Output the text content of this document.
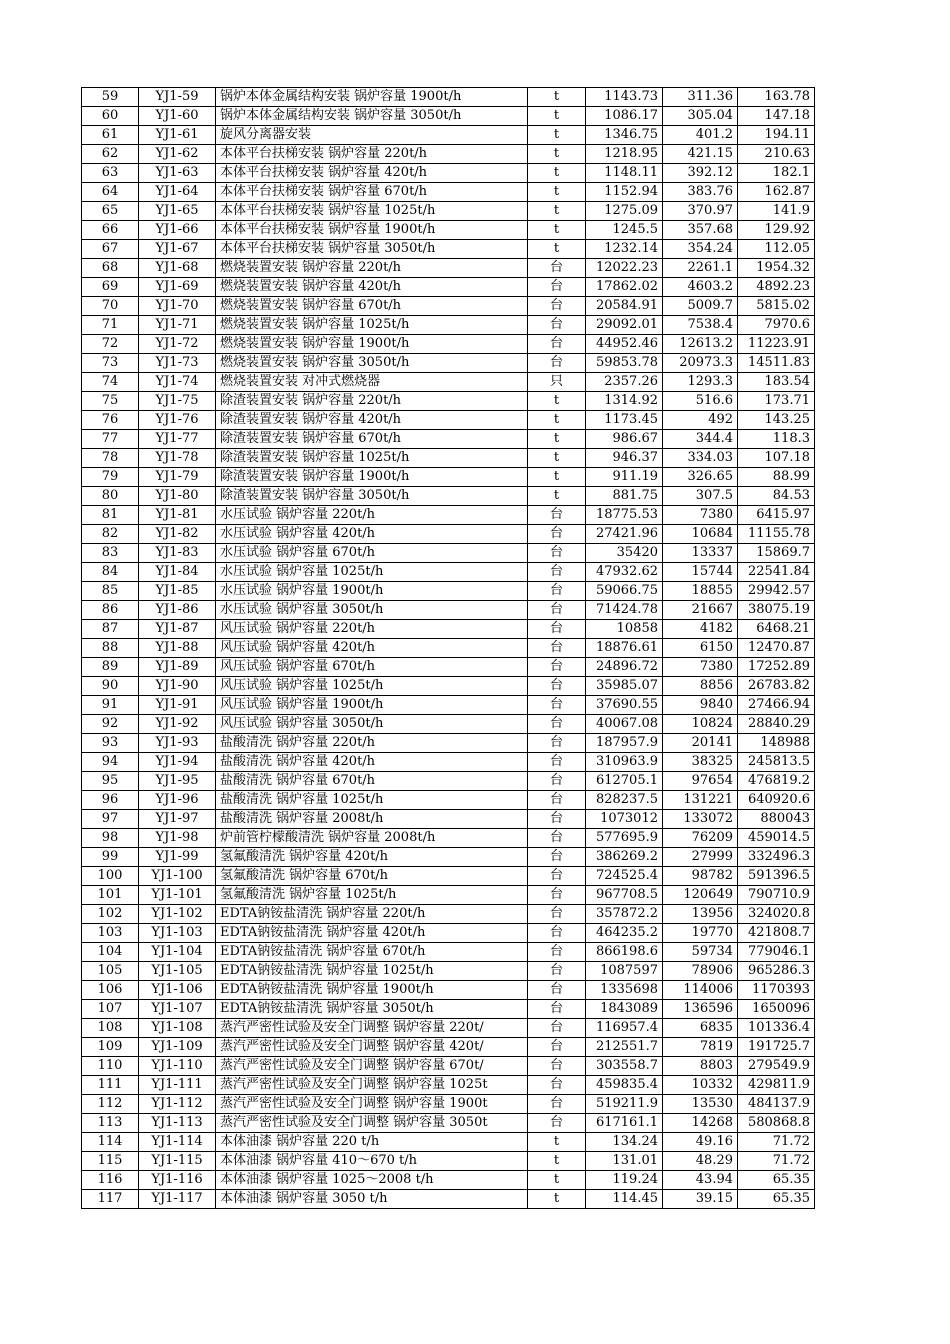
59	YJ1-59	锅炉本体金属结构安装 锅炉容量 1900t/h	t	1143.73	311.36	163.78
60	YJ1-60	锅炉本体金属结构安装 锅炉容量 3050t/h	t	1086.17	305.04	147.18
61	YJ1-61	旋风分离器安装	t	1346.75	401.2	194.11
62	YJ1-62	本体平台扶梯安装 锅炉容量 220t/h	t	1218.95	421.15	210.63
63	YJ1-63	本体平台扶梯安装 锅炉容量 420t/h	t	1148.11	392.12	182.1
64	YJ1-64	本体平台扶梯安装 锅炉容量 670t/h	t	1152.94	383.76	162.87
65	YJ1-65	本体平台扶梯安装 锅炉容量 1025t/h	t	1275.09	370.97	141.9
66	YJ1-66	本体平台扶梯安装 锅炉容量 1900t/h	t	1245.5	357.68	129.92
67	YJ1-67	本体平台扶梯安装 锅炉容量 3050t/h	t	1232.14	354.24	112.05
68	YJ1-68	燃烧装置安装 锅炉容量 220t/h	台	12022.23	2261.1	1954.32
69	YJ1-69	燃烧装置安装 锅炉容量 420t/h	台	17862.02	4603.2	4892.23
70	YJ1-70	燃烧装置安装 锅炉容量 670t/h	台	20584.91	5009.7	5815.02
71	YJ1-71	燃烧装置安装 锅炉容量 1025t/h	台	29092.01	7538.4	7970.6
72	YJ1-72	燃烧装置安装 锅炉容量 1900t/h	台	44952.46	12613.2	11223.91
73	YJ1-73	燃烧装置安装 锅炉容量 3050t/h	台	59853.78	20973.3	14511.83
74	YJ1-74	燃烧装置安装 对冲式燃烧器	只	2357.26	1293.3	183.54
75	YJ1-75	除渣装置安装 锅炉容量 220t/h	t	1314.92	516.6	173.71
76	YJ1-76	除渣装置安装 锅炉容量 420t/h	t	1173.45	492	143.25
77	YJ1-77	除渣装置安装 锅炉容量 670t/h	t	986.67	344.4	118.3
78	YJ1-78	除渣装置安装 锅炉容量 1025t/h	t	946.37	334.03	107.18
79	YJ1-79	除渣装置安装 锅炉容量 1900t/h	t	911.19	326.65	88.99
80	YJ1-80	除渣装置安装 锅炉容量 3050t/h	t	881.75	307.5	84.53
81	YJ1-81	水压试验 锅炉容量 220t/h	台	18775.53	7380	6415.97
82	YJ1-82	水压试验 锅炉容量 420t/h	台	27421.96	10684	11155.78
83	YJ1-83	水压试验 锅炉容量 670t/h	台	35420	13337	15869.7
84	YJ1-84	水压试验 锅炉容量 1025t/h	台	47932.62	15744	22541.84
85	YJ1-85	水压试验 锅炉容量 1900t/h	台	59066.75	18855	29942.57
86	YJ1-86	水压试验 锅炉容量 3050t/h	台	71424.78	21667	38075.19
87	YJ1-87	风压试验 锅炉容量 220t/h	台	10858	4182	6468.21
88	YJ1-88	风压试验 锅炉容量 420t/h	台	18876.61	6150	12470.87
89	YJ1-89	风压试验 锅炉容量 670t/h	台	24896.72	7380	17252.89
90	YJ1-90	风压试验 锅炉容量 1025t/h	台	35985.07	8856	26783.82
91	YJ1-91	风压试验 锅炉容量 1900t/h	台	37690.55	9840	27466.94
92	YJ1-92	风压试验 锅炉容量 3050t/h	台	40067.08	10824	28840.29
93	YJ1-93	盐酸清洗 锅炉容量 220t/h	台	187957.9	20141	148988
94	YJ1-94	盐酸清洗 锅炉容量 420t/h	台	310963.9	38325	245813.5
95	YJ1-95	盐酸清洗 锅炉容量 670t/h	台	612705.1	97654	476819.2
96	YJ1-96	盐酸清洗 锅炉容量 1025t/h	台	828237.5	131221	640920.6
97	YJ1-97	盐酸清洗 锅炉容量 2008t/h	台	1073012	133072	880043
98	YJ1-98	炉前管柠檬酸清洗 锅炉容量 2008t/h	台	577695.9	76209	459014.5
99	YJ1-99	氢氟酸清洗 锅炉容量 420t/h	台	386269.2	27999	332496.3
100	YJ1-100	氢氟酸清洗 锅炉容量 670t/h	台	724525.4	98782	591396.5
101	YJ1-101	氢氟酸清洗 锅炉容量 1025t/h	台	967708.5	120649	790710.9
102	YJ1-102	EDTA钠铵盐清洗 锅炉容量 220t/h	台	357872.2	13956	324020.8
103	YJ1-103	EDTA钠铵盐清洗 锅炉容量 420t/h	台	464235.2	19770	421808.7
104	YJ1-104	EDTA钠铵盐清洗 锅炉容量 670t/h	台	866198.6	59734	779046.1
105	YJ1-105	EDTA钠铵盐清洗 锅炉容量 1025t/h	台	1087597	78906	965286.3
106	YJ1-106	EDTA钠铵盐清洗 锅炉容量 1900t/h	台	1335698	114006	1170393
107	YJ1-107	EDTA钠铵盐清洗 锅炉容量 3050t/h	台	1843089	136596	1650096
108	YJ1-108	蒸汽严密性试验及安全门调整 锅炉容量 220t/	台	116957.4	6835	101336.4
109	YJ1-109	蒸汽严密性试验及安全门调整 锅炉容量 420t/	台	212551.7	7819	191725.7
110	YJ1-110	蒸汽严密性试验及安全门调整 锅炉容量 670t/	台	303558.7	8803	279549.9
111	YJ1-111	蒸汽严密性试验及安全门调整 锅炉容量 1025t	台	459835.4	10332	429811.9
112	YJ1-112	蒸汽严密性试验及安全门调整 锅炉容量 1900t	台	519211.9	13530	484137.9
113	YJ1-113	蒸汽严密性试验及安全门调整 锅炉容量 3050t	台	617161.1	14268	580868.8
114	YJ1-114	本体油漆 锅炉容量 220 t/h	t	134.24	49.16	71.72
115	YJ1-115	本体油漆 锅炉容量 410～670 t/h	t	131.01	48.29	71.72
116	YJ1-116	本体油漆 锅炉容量 1025～2008 t/h	t	119.24	43.94	65.35
117	YJ1-117	本体油漆 锅炉容量 3050 t/h	t	114.45	39.15	65.35
